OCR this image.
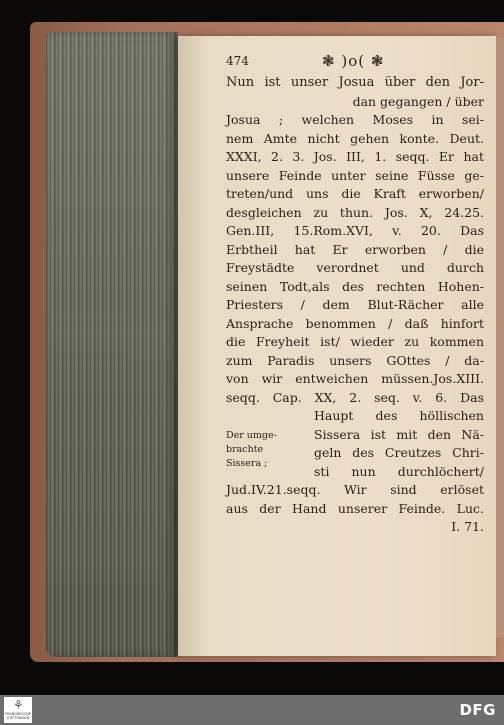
474	❃ )o( ❃
Nun ist unser Josua über den Jor-
dan gegangen / über
Josua ; welchen Moses in sei-
nem Amte nicht gehen konte. Deut.
XXXI, 2. 3. Jos. III, 1. seqq. Er hat
unsere Feinde unter seine Füsse ge-
treten/und uns die Kraft erworben/
desgleichen zu thun. Jos. X, 24.25.
Gen.III, 15.Rom.XVI, v. 20. Das
Erbtheil hat Er erworben / die
Freystädte verordnet und durch
seinen Todt,als des rechten Hohen-
Priesters / dem Blut-Rächer alle
Ansprache benommen / daß hinfort
die Freyheit ist/ wieder zu kommen
zum Paradis unsers GOttes / da-
von wir entweichen müssen.Jos.XIII.
seqq. Cap. XX, 2. seq. v. 6. Das
Der umge-
brachte
Sissera ;
Haupt des höllischen
Sissera ist mit den Nä-
geln des Creutzes Chri-
sti nun durchlöchert/
Jud.IV.21.seqq. Wir sind erlöset
aus der Hand unserer Feinde. Luc.
I. 71.
⚘
FRANCKESCHE STIFTUNGEN	DFG
